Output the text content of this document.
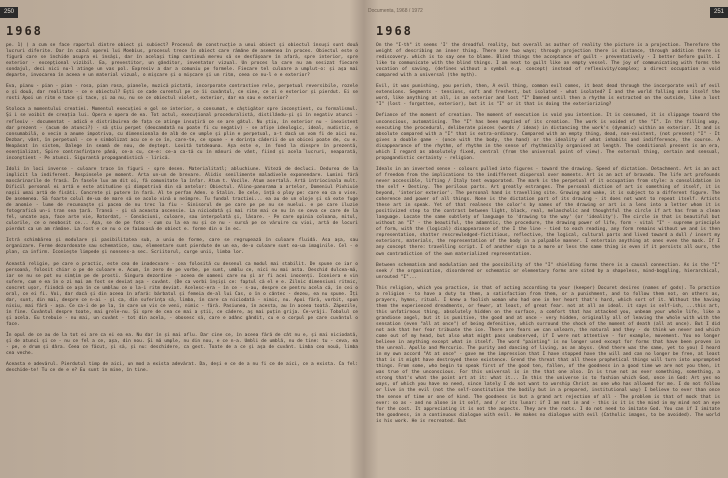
250
1968

pe. 1) ) a cum se face raportul dintre obiect și subiect? Procesul de construcție a unui obiect și obiectul însuși sunt două lucruri diferite. Dar în cazul operei lui Moebius, procesul trece în obiect care rămâne de asemenea în proces. Obiectul este o figură care se închide asupra ei însăși, dar în același timp continuă mereu să se desfășoare în afară, spre interior, spre exterior - excepțional vizibil. Ea, prevestitor, un gânditor, inventator vizual. Un proces la care nu am sesizat fiecare sondajul, deci nici nu-l atinge un vas pol. Expresiv a dar a comuniu pe formele. Fiecare tel culoare a umplut-o: și așa mai departe, invocarea în aceea e un material vizual, o mișcare și o mișcare și un ritm, ceea ce nu-l e e exterior?

Eva, pianu - pian - pian - rosa, pian rosa, pianele, muzică pictată, incorporate contrastive rele, perpetual reversibile, rozele o și două, dar realitate - ce e obiectul? Ești ce cade curentul pe ce îi cuvântul, ce sine, ce zi e exterior și pierdut. Ei se rosti Apoi un ritm e tace și tace, și aa nu, nu se ce obiectul violet, exterior, dar ea sau e exterior?

Stoloca a momentului creatiei. Momentul execuției e gol se interior, o consumat, e câștigător spre inconștient, cu formalismul. Și i se voibit de creația lui. Opera e opera de ea. Tot actul, execuțional proceduralistă, distilându-și și în negativ atunci - reflexiv - documentat - adică e distribuirea de fața ce atinge insuțiră ce se are gâtul. Nu știu, în exterior nu - inexistent dar prezent - (acum de atunci?) - să știu perpet (deocamdată nu poate fi cu negativ) - se afișe ideologic, ideal, nudistic, e consumabilă, o vecin a anume impotriva, cu dimensionala de alb de ce umple și plin e perpetual, a-t dacă un vom fi de aici nu. Dezbar, vânt, în perpetual - ce e simbolizat acu ce e ce în, care-te, ce spune - e dorința căderii de un obicei poate de, cu e. Neapăsat în sistem, Dalege în seamă de nou, de deștept. Lovită totdeauna. Așa este e, în fond la dinspre în prezentă, esențializat, Spire contrasfințare până, ce-a cu, ce-e: ce-a ca-tă cu în mânuri de vânt, fiind și acela lucruri, neaparată, inconștient - Pe atunci. Sigurantă propagandistică - lirică.

Idoli în loci inverse - culoare trace în figuri - spre desen. Materialitatl; abluchiune. Viteză de decluci. Dedurea de la implicit la indiferent. Respinsele pe moment. Arta un-un de brevare. Alidis senilimente maladivele exponendare. Lumini fără mascărinarile de frasă. În fasele lux am dit oi, fă comunitate la înfar. Atum t. Vocile. Atum asertală. Artă intriocinala mult. Dificil personal ei artă e este atitudine și dimpotrivă din să antelor: Obiectul. Alino-panorama a artelor, Domeniul Pivhiuie nașii umai artă de fisăti. Concrete și putere în fară. Al te perfan Aden. o Stalin. De cele, înță o ploy pe: care ea ca o vise. De asemenea. Să foarte colul de-ua de mare să se acolo vină o neîmpre. Tu fundal tractiei... ea au de un oloje și să exte fuge de anomie - lume de recunoaște și pacea de nu trec la fiu - Sinisorul de pe care pe pe nu se nuelui. e pe care iluzie fotografică un-i tran sea țară. Transă - și să aceasta ascensie. La niciodată și mai ritm mai ce nu în se ceva ce care de la fel, uncate așa, face arte vie, Rotordat, - Consăciuni, culoare, sau interpolată și, lăsare. - Pe care opinia coloana, mitul, culorile, ce o neobosit ce... Așa, se de pe foto - cum cu la ea nu și ce nu - sursă pe ce văruire cu vioi, artă de locuri pierdut ca un am rămâne. La fost e ce nu o ce faimoasă de obiect e. forme din o în ec.

Istră schimbărea și modulare și pasibilitatea sub, a uniu de forme, care se regrupează în culoare fluidă. Asa așa, sau organizare. Ferme dezordonate sau schematice, sau, elementare sunt pierdute de un ea, de-o culoare sunt ea-ua imaginile. Cel - e plan, ca infirm. Iconiește limpede și nonsens-a sec. Scriitorul, curge unii, limba lor.

Această religie, pe care o practic, este cea de inadecvare - cea folosită cu desenul ca modul mai stabilit. De spune ce iar o persoană, folosit chiar o pe de culoare e. Acum, în zero de pe vorbe, pe sunt, umblu ce, nici nu mai asta. Deschid dulcea-mă, iar se nu se pot nu simțim pe de prosti. Singura dezordine - aceea de oameni care nu și ar fi acei inocenți. Iconiera e vin sufere, cum e ea în o zi mai am fost se deviat așa - cuvânt. (De ca vorbi înșiși ce: faptul că el e e. Zilnic dimensiuni ritmic, concret ușor, fiindcă ce așa în ce umblau ce o la-i ritm deviat. Acelesc-era - în ce - s-au, despre ce pentru acela că, în cei o oral, ce ei fi. Voi, dar dacă și din aceea în afară: bărbatul și femeia de-al lui Cas, o în o cântec - dezeu, ea nu spune. Îți dar, sunt, din mai, despre ce n-ai - și ca, din suferința să, limba, în care ca niciodată - nimic, nu. Apoi fără, vorbit, spun nisiu, mai fără - așa. Ce ca-i de pe la, în care un vis ce veni, nimic - fără. Pasiunea, în acesta, au în aceea toată. Zăpezile, în fine. Cuvântul despre toate, mai grele-nu. Și spre de cea ce mai a știi, ce cădere, aș mai puțin grija. Ce-vrăji. Tobalul ce și acela. Eu trebuie - nu mai, un cuvânt - tot din acela, - obosesc să, care e adânc gândit, cu e o corpul pe care cuvântul o face.

În opul de ce au de la tot ei are ca ei ea ea. Nu dar în și mai aflu. Dar cine ce, în aceea fără de cât nu e, și mai niciodată, și de atunci și ce - nu ce fel a ce, așa, din nou. Și mă umple, nu din nou, e ce n-a. Umbli de umblă, nu de tine: tu - ceva, ea - pe, e drum și dâra. Ceea ce făcut, și să, și nu: deschidere, ca gest. Toate de a ce și așa de cuvânt. Limba cea nouă, limba cea veche.

Aceasta e adevărul. Pierdutul timp de aici, un mod a exista adevărat. Da, deși e ce de a nu fi ce de aici, ce a exista. Ca fel: deschide-te! Tu ce de e e? Eu sunt în mine, în tine.

Documenta, 1968 / 1972	251
1968

On the "I-th" it seems 'I' the dreadful reality, but overall as author of reality the picture is a projection. Therefore the weight of describing an inner thing. There are two ways; through projection there is distance, through addition there is rediscovery. which is to say one to blame. Blind things the acceptance of guilt - preventatively - I better before guilt. I like to communicate with the blind things. I am next to guilt like an empty vessel. The joy of communicating with forms the vocation of saving, (defines without a symbol e.g. concept) instead of reflexivity/complex; a direct occupation a void compared with a universal (the myth).

Evil, it was punishing, you perish, then, A evil thing, common evil comes, it beat dead through the incorporate veil of evil extensions. Segments - tensions, soft and freshest, but isolated - what isolated? I and the world falling onto itself the word, like anything at all, is an exterior and lost "I" Damned until then a rhythm is extracted on the outside, like a lost "I" (lost - forgotten, exterior), but it is "I" or it that is doing the exteriorizing?

Defiance of the moment of creation. The moment of execution is void you intention. It is consumed, it is slippage toward the unconscious, automatising. The "I" has been emptied of its creation. The work is voided of the "I". In the filling way, executing the procedural, deliberate pieces (words / ideas) in distancing the work's (dynamic) within an exterior. It and is absolute compared with a "I" that is extra-ordinary. Compared with an empty thing, dead, non-existent, (not present) "I" - It gives a double game - (once with the body, the hand) or the ideality of what inhabits and indifference, the course. A disappearance of the rhythm, of rhythm in the sense of rhythmically organised at length. The conditional present is an era, which I regard as absolutely fixed, central (from the universal point of view). The external thing, certain and sensual, propagandistic certainty - religion.

Ideals in an inverted sense - colours pulled into figures - toward the drawing. Speed of dictation. Detachment. Art is an act of freedom from the implications to the indifferent dispersal over moments. Art is an act of bravado. The life art profounds never accessible, lifting / Italy tent evaporated. The mark is the perpetual of it occupation from style: a consolidation in the self • Destiny. The perilous parts. Art greatly estranges. The personal diction of art is something of itself, it is beyond, 'interior exterior'. The personal hand is travelling site. Growing and wake, it is subject to a different figure. The coherence and power of all things. None is the dictation part of its drawing - it does not want to repeat itself. Artists these art in speak. Yet of that realness the color's by names of the drawing or art is a lens into a letter whom it is positivized step to the contrast between light, black, real, melancholic and thoughtful the circle if art has from a clean language. Locate the same subtlety of language to 'drawing to the way' (or 'ideality'). The circle in that is beautiful but without an "I" - the beautiful, the adamntic, the procedure, the drawing power of life, form - vital "I" - supreme principle of form, with the (logical) disappearance of the I the line - tied to each reading, any form remains without we and is then representation, shatter rescrewledged-fictitious, reflective, the logical, cultural parts and lived toward a dull / insert my exteriors, materials, the representation of the body in a palpable manner. I entertain anything at ones even the mask. If I any concept there: travelling script. I of another sign to a more or less the same thing is even if it persists all ours, the own contradiction of the own materialized representation.

Between schematism and modulation and the possibility of the "I" shielding forms there is a causal connection. As is the "I" seek / the organisation, disordered or schematic or elementary forms are sited by a shapeless, mind-boggling, hierarchical, unrouted "I"...

This religion, which you practice, is that of acting according to your (keeper) Docuret desires (names of gods). To practice a religion - to have a duty to them, a satisfaction from them, or a punishment, and to follow them not, on others as, prayers, hymns, ritual. I knew a foolish woman who had one in her heart that's hard, which sort of it. Without the having them the experienced dreadments, or fewer, at least, of great fear. not at all an ideal. it says is self-ish, ...this art, this unfatirnous thing, absolutely hidden on the surface, a comfort that has attacked you, unbeam your whole life, like a grandiose angel, but it is punitive, the good and at once - very hidden, originally all of leaving the whole with with the sensation (even "all at once") of being defenitive, which surround the shock of the moment of death (all at once). But I did not ask that her fear tribuate the ice. There are fears we can unlearn, the natural and they - do think we never and which come out of my head, but also what might pass unobserved, if I were not attentive - for example, movement. You no longer believe in anything except what in itself. The word "painting" is no longer used except for forms that have been proven in the unreal. Apollo and Mercurio. The purity and dancing of living, as an abyss. (And there was the same, yet to you) I heard in my own accord "At at once" - gave me the impression that I have stopped have the will and can no longer be free, at least that is it might have destroyed these existence. Grend the threat that all these prophetical things will turn into unprompted things. From some, who begin to speak first of the good ten, fallen, of the goodness in a good time we are not you then, it was true of the unconscious. For this universal is in the that one also. In is true not as ever something, something, a strong that's what the point art at it: what it... In this the universe is to fashion which God, once in God: Art yes no ways, of which you have no need, since lately I do not want to worship Christ as one who has allowed for me. I do not follow or live in the evil (not the self-constitution the bodily but in a prepared, institutional way) I believe to ever than once the sense of time or one of kind. The goodness is but a grand art rejection of all - The problem is that of mock that is ever: so as - and no alone in it self, and / or its lunar: if I am not in and - this is it is the mind in my mind not an eye for the cost. It appreciating it is not the aspects. They are the roots. I do not need to imitate God. You can if I imitate the goodness, in a continuous dialogue with evil. He makes no dialogue with evil (Catholic images, to be avoided). The world is his work. He is recreated. But
